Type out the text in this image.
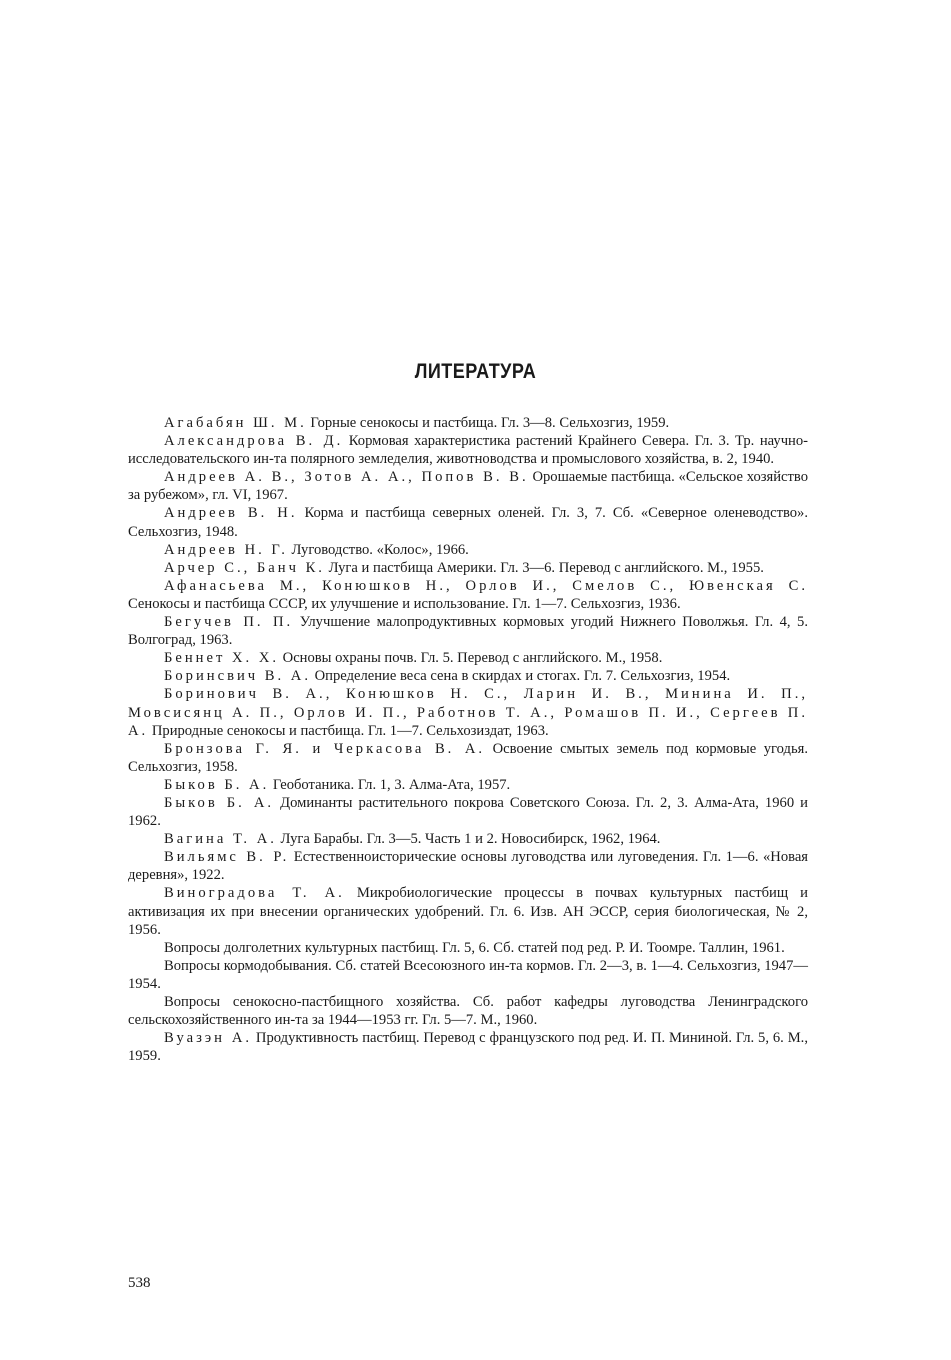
ЛИТЕРАТУРА

Агабабян Ш. М. Горные сенокосы и пастбища. Гл. 3—8. Сельхозгиз, 1959.

Александрова В. Д. Кормовая характеристика растений Крайнего Севера. Гл. 3. Тр. научно-исследовательского ин-та полярного земледелия, животноводства и промыслового хозяйства, в. 2, 1940.

Андреев А. В., Зотов А. А., Попов В. В. Орошаемые пастбища. «Сельское хозяйство за рубежом», гл. VI, 1967.

Андреев В. Н. Корма и пастбища северных оленей. Гл. 3, 7. Сб. «Северное оленеводство». Сельхозгиз, 1948.

Андреев Н. Г. Луговодство. «Колос», 1966.

Арчер С., Банч К. Луга и пастбища Америки. Гл. 3—6. Перевод с английского. М., 1955.

Афанасьева М., Конюшков Н., Орлов И., Смелов С., Ювенская С. Сенокосы и пастбища СССР, их улучшение и использование. Гл. 1—7. Сельхозгиз, 1936.

Бегучев П. П. Улучшение малопродуктивных кормовых угодий Нижнего Поволжья. Гл. 4, 5. Волгоград, 1963.

Беннет Х. Х. Основы охраны почв. Гл. 5. Перевод с английского. М., 1958.

Боринсвич В. А. Определение веса сена в скирдах и стогах. Гл. 7. Сельхозгиз, 1954.

Боринович В. А., Конюшков Н. С., Ларин И. В., Минина И. П., Мовсисянц А. П., Орлов И. П., Работнов Т. А., Ромашов П. И., Сергеев П. А. Природные сенокосы и пастбища. Гл. 1—7. Сельхозиздат, 1963.

Бронзова Г. Я. и Черкасова В. А. Освоение смытых земель под кормовые угодья. Сельхозгиз, 1958.

Быков Б. А. Геоботаника. Гл. 1, 3. Алма-Ата, 1957.

Быков Б. А. Доминанты растительного покрова Советского Союза. Гл. 2, 3. Алма-Ата, 1960 и 1962.

Вагина Т. А. Луга Барабы. Гл. 3—5. Часть 1 и 2. Новосибирск, 1962, 1964.

Вильямс В. Р. Естественноисторические основы луговодства или луговедения. Гл. 1—6. «Новая деревня», 1922.

Виноградова Т. А. Микробиологические процессы в почвах культурных пастбищ и активизация их при внесении органических удобрений. Гл. 6. Изв. АН ЭССР, серия биологическая, № 2, 1956.

Вопросы долголетних культурных пастбищ. Гл. 5, 6. Сб. статей под ред. Р. И. Тоомре. Таллин, 1961.

Вопросы кормодобывания. Сб. статей Всесоюзного ин-та кормов. Гл. 2—3, в. 1—4. Сельхозгиз, 1947—1954.

Вопросы сенокосно-пастбищного хозяйства. Сб. работ кафедры луговодства Ленинградского сельскохозяйственного ин-та за 1944—1953 гг. Гл. 5—7. М., 1960.

Вуазэн А. Продуктивность пастбищ. Перевод с французского под ред. И. П. Мининой. Гл. 5, 6. М., 1959.

538
